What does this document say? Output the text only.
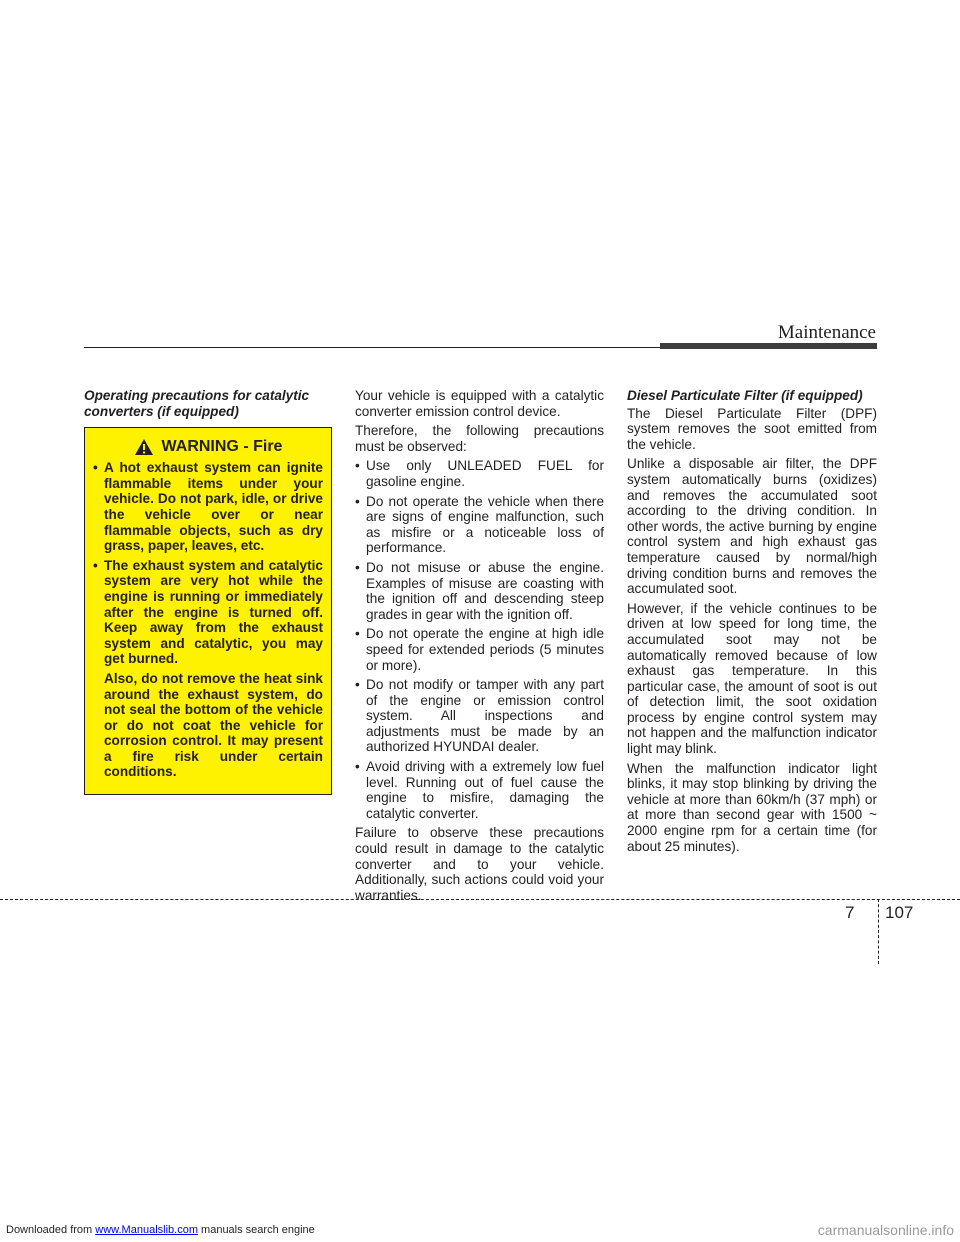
Maintenance
Operating precautions for catalytic
converters (if equipped)
WARNING - Fire
• A hot exhaust system can ignite flammable items under your vehicle. Do not park, idle, or drive the vehicle over or near flammable objects, such as dry grass, paper, leaves, etc.
• The exhaust system and catalytic system are very hot while the engine is running or immediately after the engine is turned off. Keep away from the exhaust system and catalytic, you may get burned.

Also, do not remove the heat sink around the exhaust system, do not seal the bottom of the vehicle or do not coat the vehicle for corrosion control. It may present a fire risk under certain conditions.

Your vehicle is equipped with a catalytic converter emission control device.

Therefore, the following precautions must be observed:

• Use only UNLEADED FUEL for gasoline engine.
• Do not operate the vehicle when there are signs of engine malfunction, such as misfire or a noticeable loss of performance.
• Do not misuse or abuse the engine. Examples of misuse are coasting with the ignition off and descending steep grades in gear with the ignition off.
• Do not operate the engine at high idle speed for extended periods (5 minutes or more).
• Do not modify or tamper with any part of the engine or emission control system. All inspections and adjustments must be made by an authorized HYUNDAI dealer.
• Avoid driving with a extremely low fuel level. Running out of fuel cause the engine to misfire, damaging the catalytic converter.

Failure to observe these precautions could result in damage to the catalytic converter and to your vehicle. Additionally, such actions could void your warranties.

Diesel Particulate Filter (if equipped)

The Diesel Particulate Filter (DPF) system removes the soot emitted from the vehicle.

Unlike a disposable air filter, the DPF system automatically burns (oxidizes) and removes the accumulated soot according to the driving condition. In other words, the active burning by engine control system and high exhaust gas temperature caused by normal/high driving condition burns and removes the accumulated soot.

However, if the vehicle continues to be driven at low speed for long time, the accumulated soot may not be automatically removed because of low exhaust gas temperature. In this particular case, the amount of soot is out of detection limit, the soot oxidation process by engine control system may not happen and the malfunction indicator light may blink.

When the malfunction indicator light blinks, it may stop blinking by driving the vehicle at more than 60km/h (37 mph) or at more than second gear with 1500 ~ 2000 engine rpm for a certain time (for about 25 minutes).

7 107
Downloaded from www.Manualslib.com manuals search engine	carmanualsonline.info
